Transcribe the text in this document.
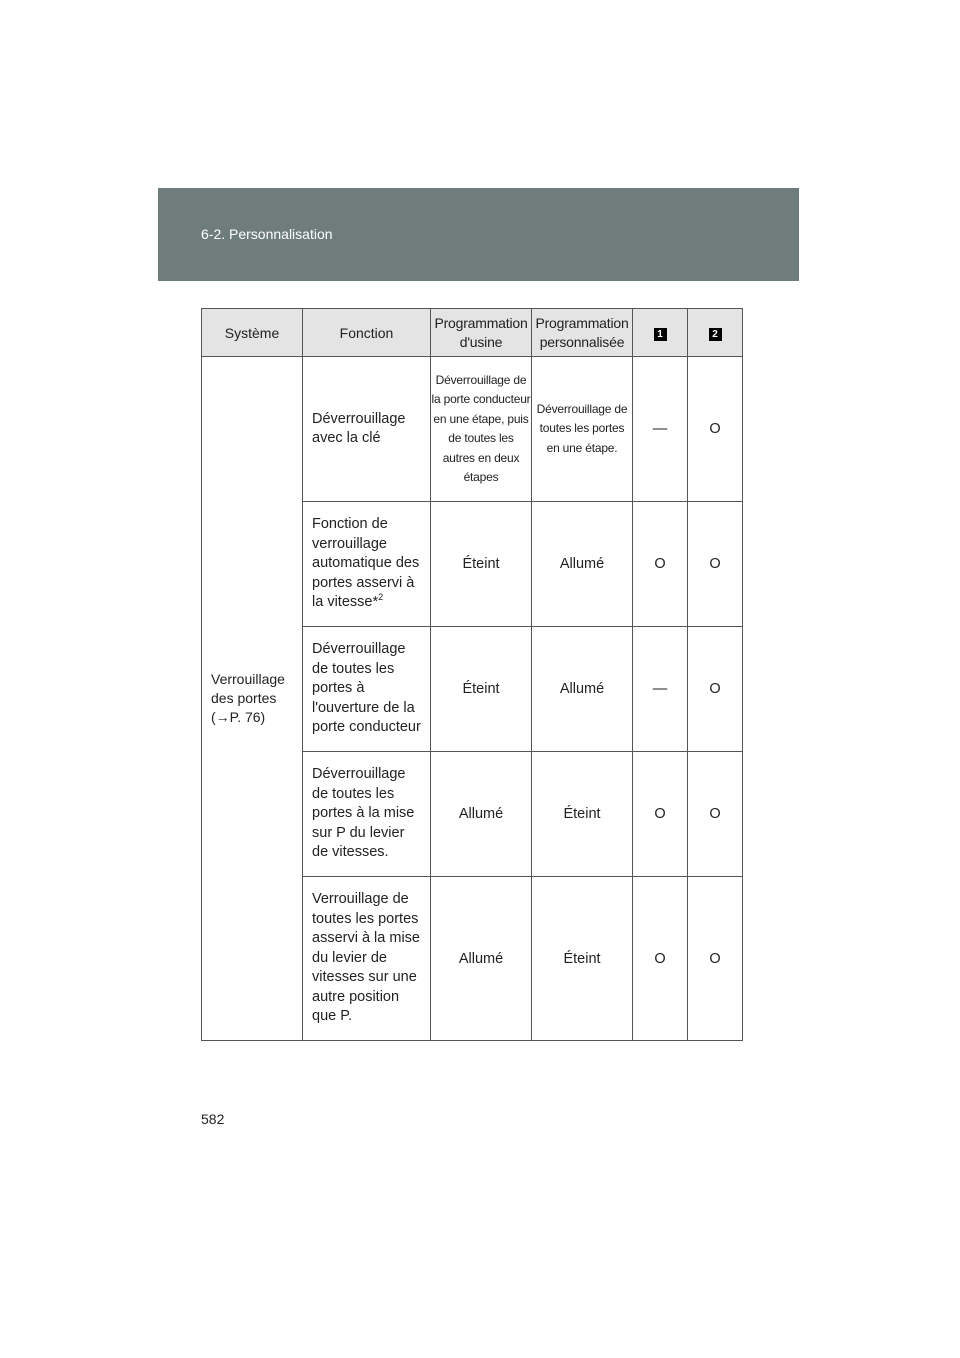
6-2. Personnalisation
Système	Fonction	Programmation d'usine	Programmation personnalisée	1	2
Verrouillage des portes (→P. 76)	Déverrouillage avec la clé	Déverrouillage de la porte conducteur en une étape, puis de toutes les autres en deux étapes	Déverrouillage de toutes les portes en une étape.	—	O
	Fonction de verrouillage automatique des portes asservi à la vitesse*$^2$	Éteint	Allumé	O	O
	Déverrouillage de toutes les portes à l'ouverture de la porte conducteur	Éteint	Allumé	—	O
	Déverrouillage de toutes les portes à la mise sur P du levier de vitesses.	Allumé	Éteint	O	O
	Verrouillage de toutes les portes asservi à la mise du levier de vitesses sur une autre position que P.	Allumé	Éteint	O	O
582
